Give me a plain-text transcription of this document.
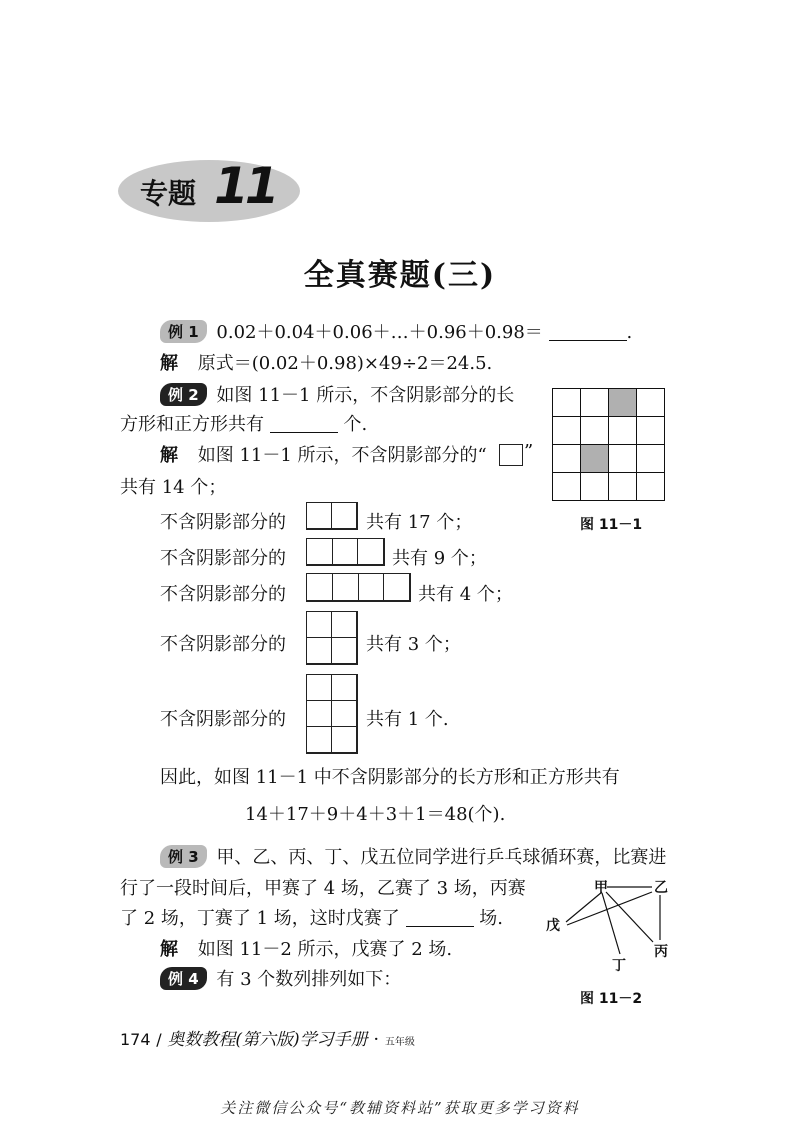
专题 11
全真赛题(三)
例 1 0.02＋0.04＋0.06＋…＋0.96＋0.98＝	.
解 原式＝(0.02＋0.98)×49÷2＝24.5.
例 2 如图 11－1 所示，不含阴影部分的长
方形和正方形共有	个.

图 11－1
解 如图 11－1 所示，不含阴影部分的“ ”
共有 14 个；
不含阴影部分的	共有 17 个；
不含阴影部分的	共有 9 个；
不含阴影部分的	共有 4 个；
不含阴影部分的	共有 3 个；
不含阴影部分的	共有 1 个.
因此，如图 11－1 中不含阴影部分的长方形和正方形共有
14＋17＋9＋4＋3＋1＝48(个).
例 3 甲、乙、丙、丁、戊五位同学进行乒乓球循环赛，比赛进
行了一段时间后，甲赛了 4 场，乙赛了 3 场，丙赛
了 2 场，丁赛了 1 场，这时戊赛了	场.
解 如图 11－2 所示，戊赛了 2 场.
甲	乙
丙
丁
戊
图 11－2
例 4 有 3 个数列排列如下：
174 / 奥数教程(第六版)学习手册 · 五年级
关注微信公众号“教辅资料站”获取更多学习资料
